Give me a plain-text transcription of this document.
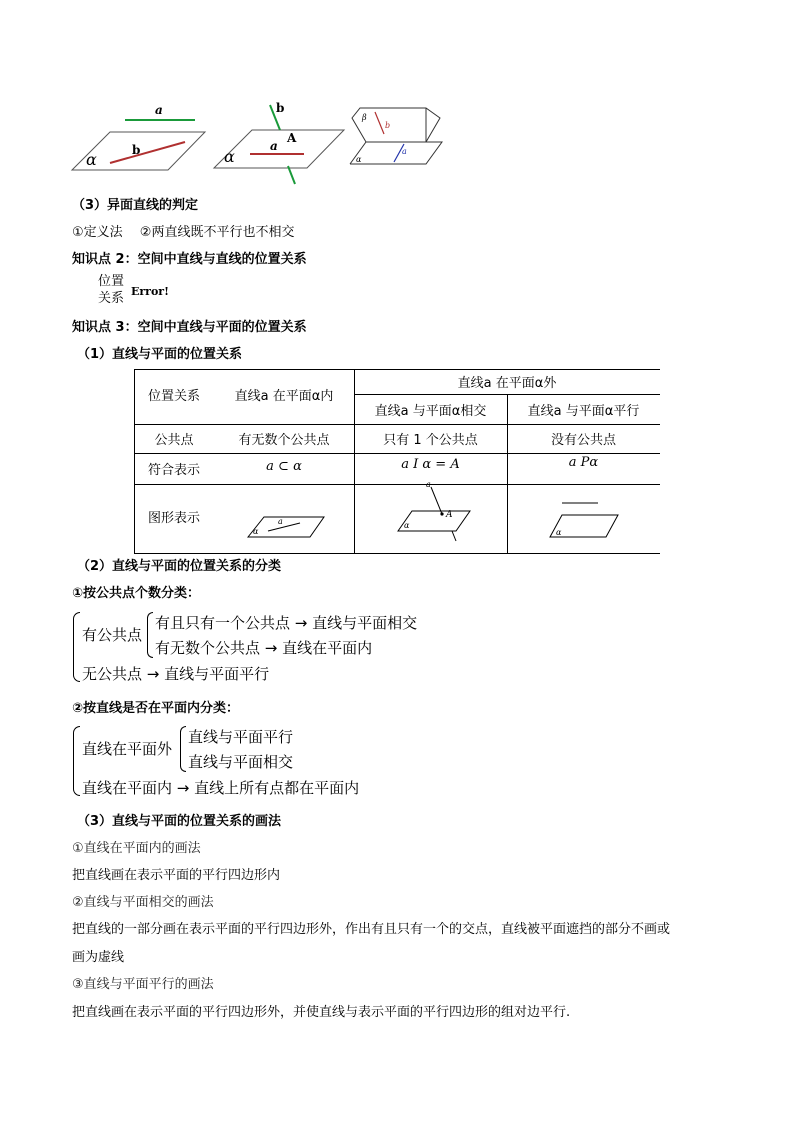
a
b
α
b
A
a
α
β
b
a
α
（3）异面直线的判定
①定义法 　②两直线既不平行也不相交
知识点 2：空间中直线与直线的位置关系
位置
关系 Error!
知识点 3：空间中直线与平面的位置关系
（1）直线与平面的位置关系
位置关系	直线a 在平面α内
直线a 在平面α外
直线a 与平面α相交	直线a 与平面α平行
公共点	有无数个公共点	只有 1 个公共点	没有公共点
符合表示	a ⊂ α	a I α = A	a Pα
图形表示	a
α
a
A
α
α
（2）直线与平面的位置关系的分类
①按公共点个数分类：
有公共点
有且只有一个公共点 → 直线与平面相交
有无数个公共点 → 直线在平面内
无公共点 → 直线与平面平行
②按直线是否在平面内分类：
直线在平面外
直线与平面平行
直线与平面相交
直线在平面内 → 直线上所有点都在平面内
（3）直线与平面的位置关系的画法
①直线在平面内的画法
把直线画在表示平面的平行四边形内
②直线与平面相交的画法
把直线的一部分画在表示平面的平行四边形外，作出有且只有一个的交点，直线被平面遮挡的部分不画或
画为虚线
③直线与平面平行的画法
把直线画在表示平面的平行四边形外，并使直线与表示平面的平行四边形的组对边平行.
